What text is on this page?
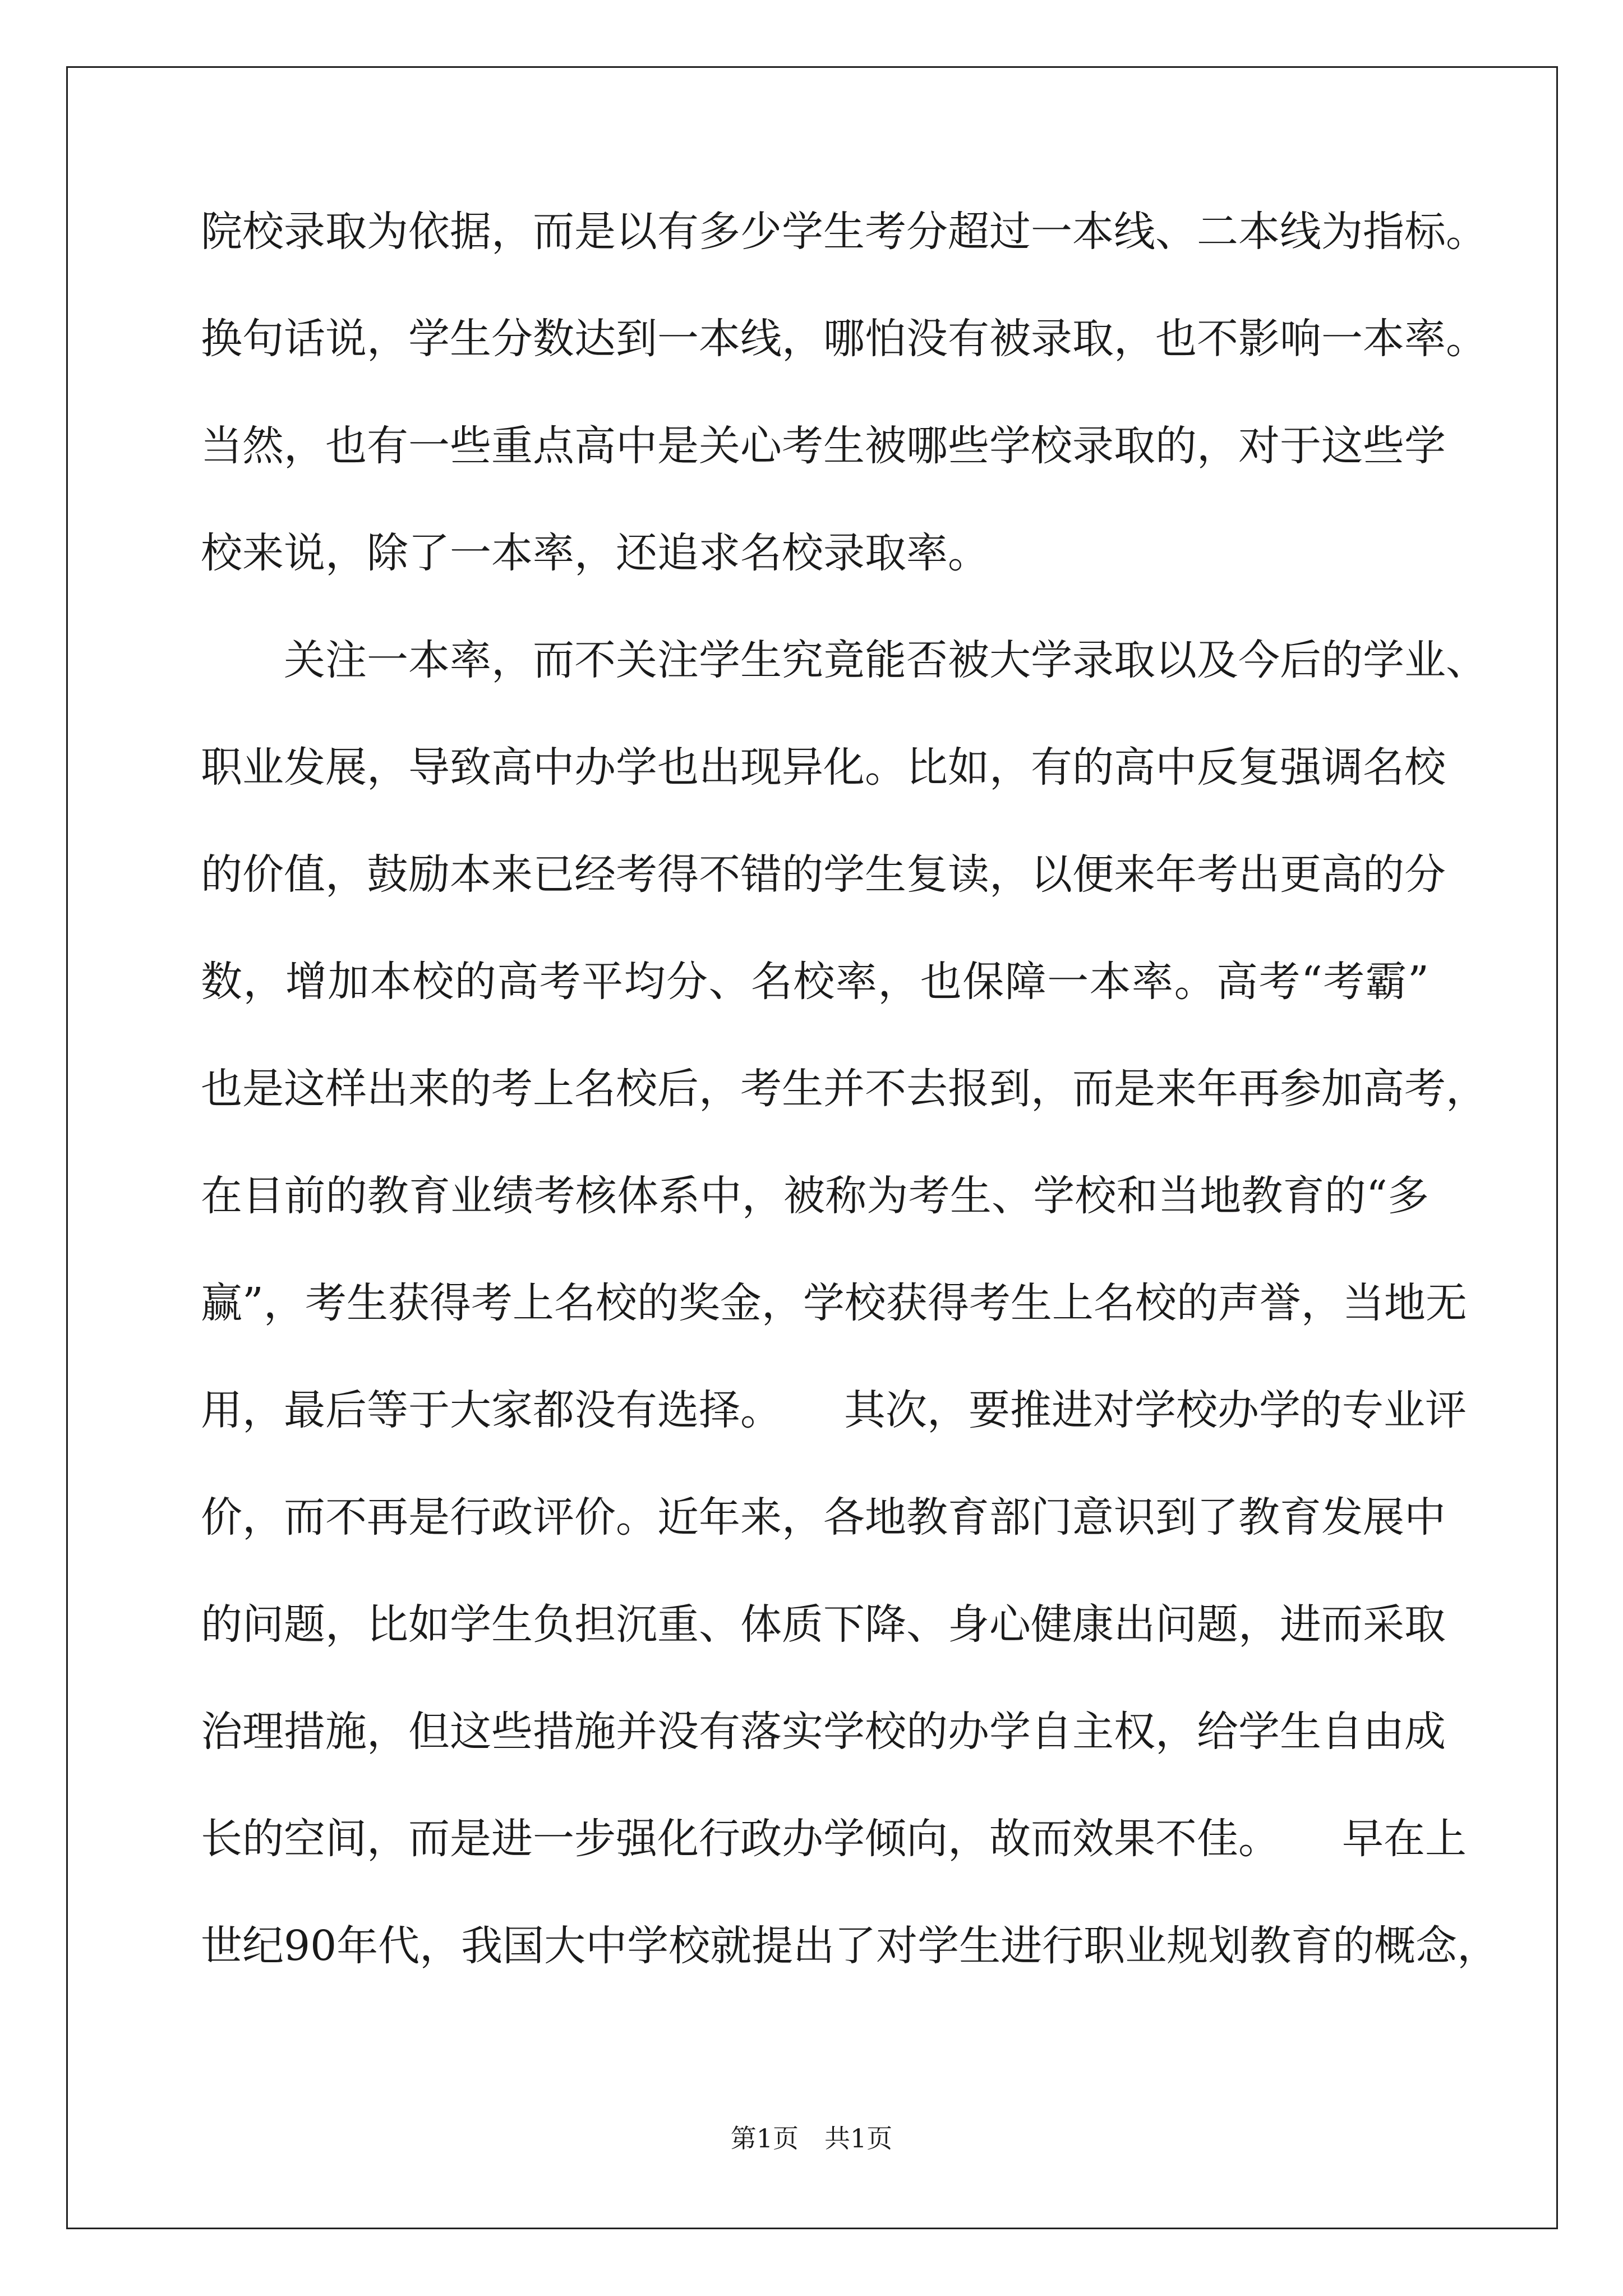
院校录取为依据，而是以有多少学生考分超过一本线、二本线为指标。
换句话说，学生分数达到一本线，哪怕没有被录取，也不影响一本率。
当然，也有一些重点高中是关心考生被哪些学校录取的，对于这些学
校来说，除了一本率，还追求名校录取率。
　　关注一本率，而不关注学生究竟能否被大学录取以及今后的学业、
职业发展，导致高中办学也出现异化。比如，有的高中反复强调名校
的价值，鼓励本来已经考得不错的学生复读，以便来年考出更高的分
数，增加本校的高考平均分、名校率，也保障一本率。高考“考霸”
也是这样出来的考上名校后，考生并不去报到，而是来年再参加高考，
在目前的教育业绩考核体系中，被称为考生、学校和当地教育的“多
赢”，考生获得考上名校的奖金，学校获得考生上名校的声誉，当地无
用，最后等于大家都没有选择。　　其次，要推进对学校办学的专业评
价，而不再是行政评价。近年来，各地教育部门意识到了教育发展中
的问题，比如学生负担沉重、体质下降、身心健康出问题，进而采取
治理措施，但这些措施并没有落实学校的办学自主权，给学生自由成
长的空间，而是进一步强化行政办学倾向，故而效果不佳。　　早在上
世纪90年代，我国大中学校就提出了对学生进行职业规划教育的概念，
第1页　共1页
